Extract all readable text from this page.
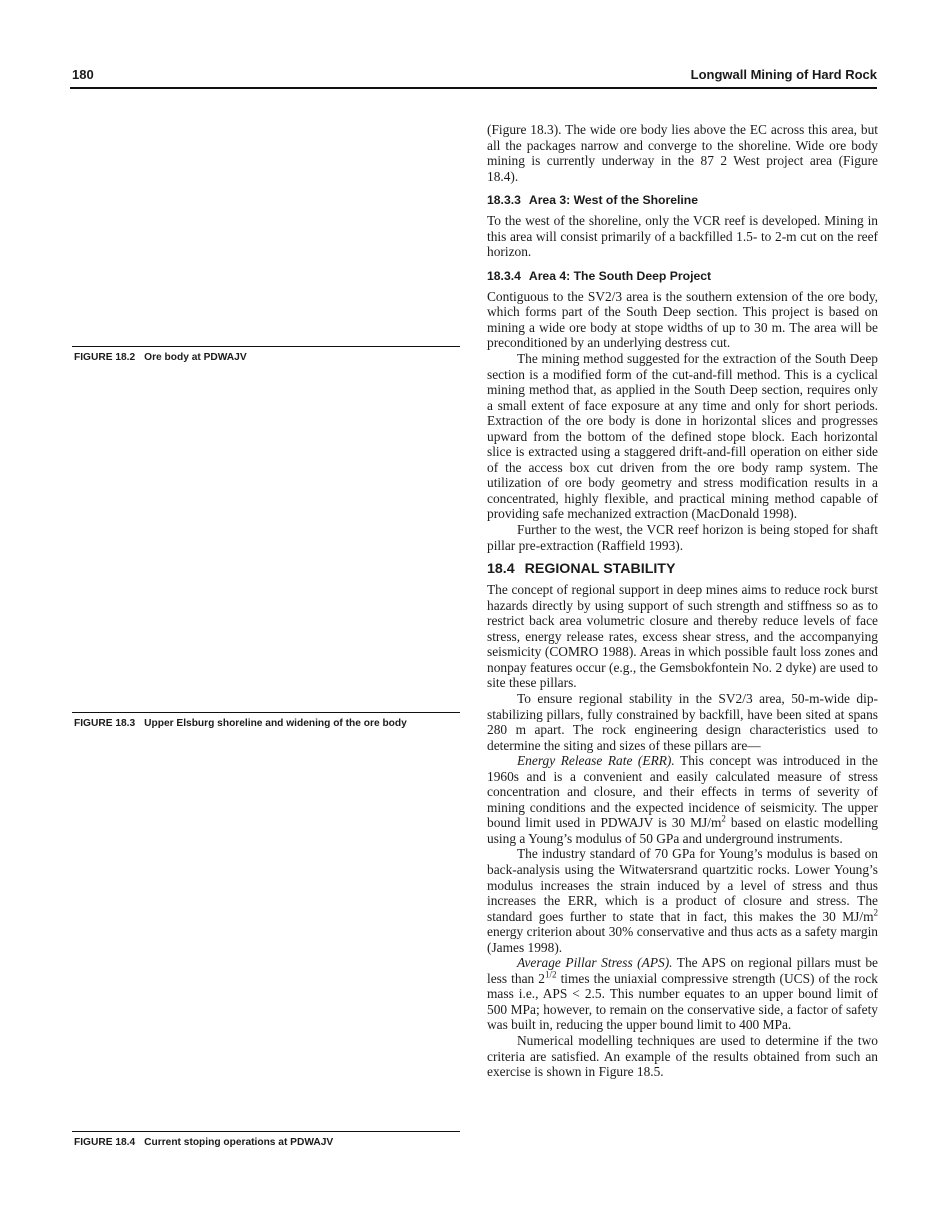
180	Longwall Mining of Hard Rock
FIGURE 18.2 Ore body at PDWAJV
FIGURE 18.3 Upper Elsburg shoreline and widening of the ore body
FIGURE 18.4 Current stoping operations at PDWAJV

(Figure 18.3). The wide ore body lies above the EC across this area, but all the packages narrow and converge to the shoreline. Wide ore body mining is currently underway in the 87 2 West project area (Figure 18.4).

18.3.3 Area 3: West of the Shoreline

To the west of the shoreline, only the VCR reef is developed. Mining in this area will consist primarily of a backfilled 1.5- to 2-m cut on the reef horizon.

18.3.4 Area 4: The South Deep Project

Contiguous to the SV2/3 area is the southern extension of the ore body, which forms part of the South Deep section. This project is based on mining a wide ore body at stope widths of up to 30 m. The area will be preconditioned by an underlying destress cut.

The mining method suggested for the extraction of the South Deep section is a modified form of the cut-and-fill method. This is a cyclical mining method that, as applied in the South Deep section, requires only a small extent of face exposure at any time and only for short periods. Extraction of the ore body is done in horizontal slices and progresses upward from the bottom of the defined stope block. Each horizontal slice is extracted using a staggered drift-and-fill operation on either side of the access box cut driven from the ore body ramp system. The utilization of ore body geometry and stress modification results in a concentrated, highly flexible, and practical mining method capable of providing safe mechanized extraction (MacDonald 1998).

Further to the west, the VCR reef horizon is being stoped for shaft pillar pre-extraction (Raffield 1993).

18.4 REGIONAL STABILITY

The concept of regional support in deep mines aims to reduce rock burst hazards directly by using support of such strength and stiffness so as to restrict back area volumetric closure and thereby reduce levels of face stress, energy release rates, excess shear stress, and the accompanying seismicity (COMRO 1988). Areas in which possible fault loss zones and nonpay features occur (e.g., the Gemsbokfontein No. 2 dyke) are used to site these pillars.

To ensure regional stability in the SV2/3 area, 50-m-wide dip-stabilizing pillars, fully constrained by backfill, have been sited at spans 280 m apart. The rock engineering design characteristics used to determine the siting and sizes of these pillars are—

Energy Release Rate (ERR). This concept was introduced in the 1960s and is a convenient and easily calculated measure of stress concentration and closure, and their effects in terms of severity of mining conditions and the expected incidence of seismicity. The upper bound limit used in PDWAJV is 30 $MJ/m^2$ based on elastic modelling using a Young’s modulus of 50 GPa and underground instruments.

The industry standard of 70 GPa for Young’s modulus is based on back-analysis using the Witwatersrand quartzitic rocks. Lower Young’s modulus increases the strain induced by a level of stress and thus increases the ERR, which is a product of closure and stress. The standard goes further to state that in fact, this makes the 30 $MJ/m^2$ energy criterion about 30% conservative and thus acts as a safety margin (James 1998).

Average Pillar Stress (APS). The APS on regional pillars must be less than $2^{1/2}$ times the uniaxial compressive strength (UCS) of the rock mass i.e., APS < 2.5. This number equates to an upper bound limit of 500 MPa; however, to remain on the conservative side, a factor of safety was built in, reducing the upper bound limit to 400 MPa.

Numerical modelling techniques are used to determine if the two criteria are satisfied. An example of the results obtained from such an exercise is shown in Figure 18.5.
